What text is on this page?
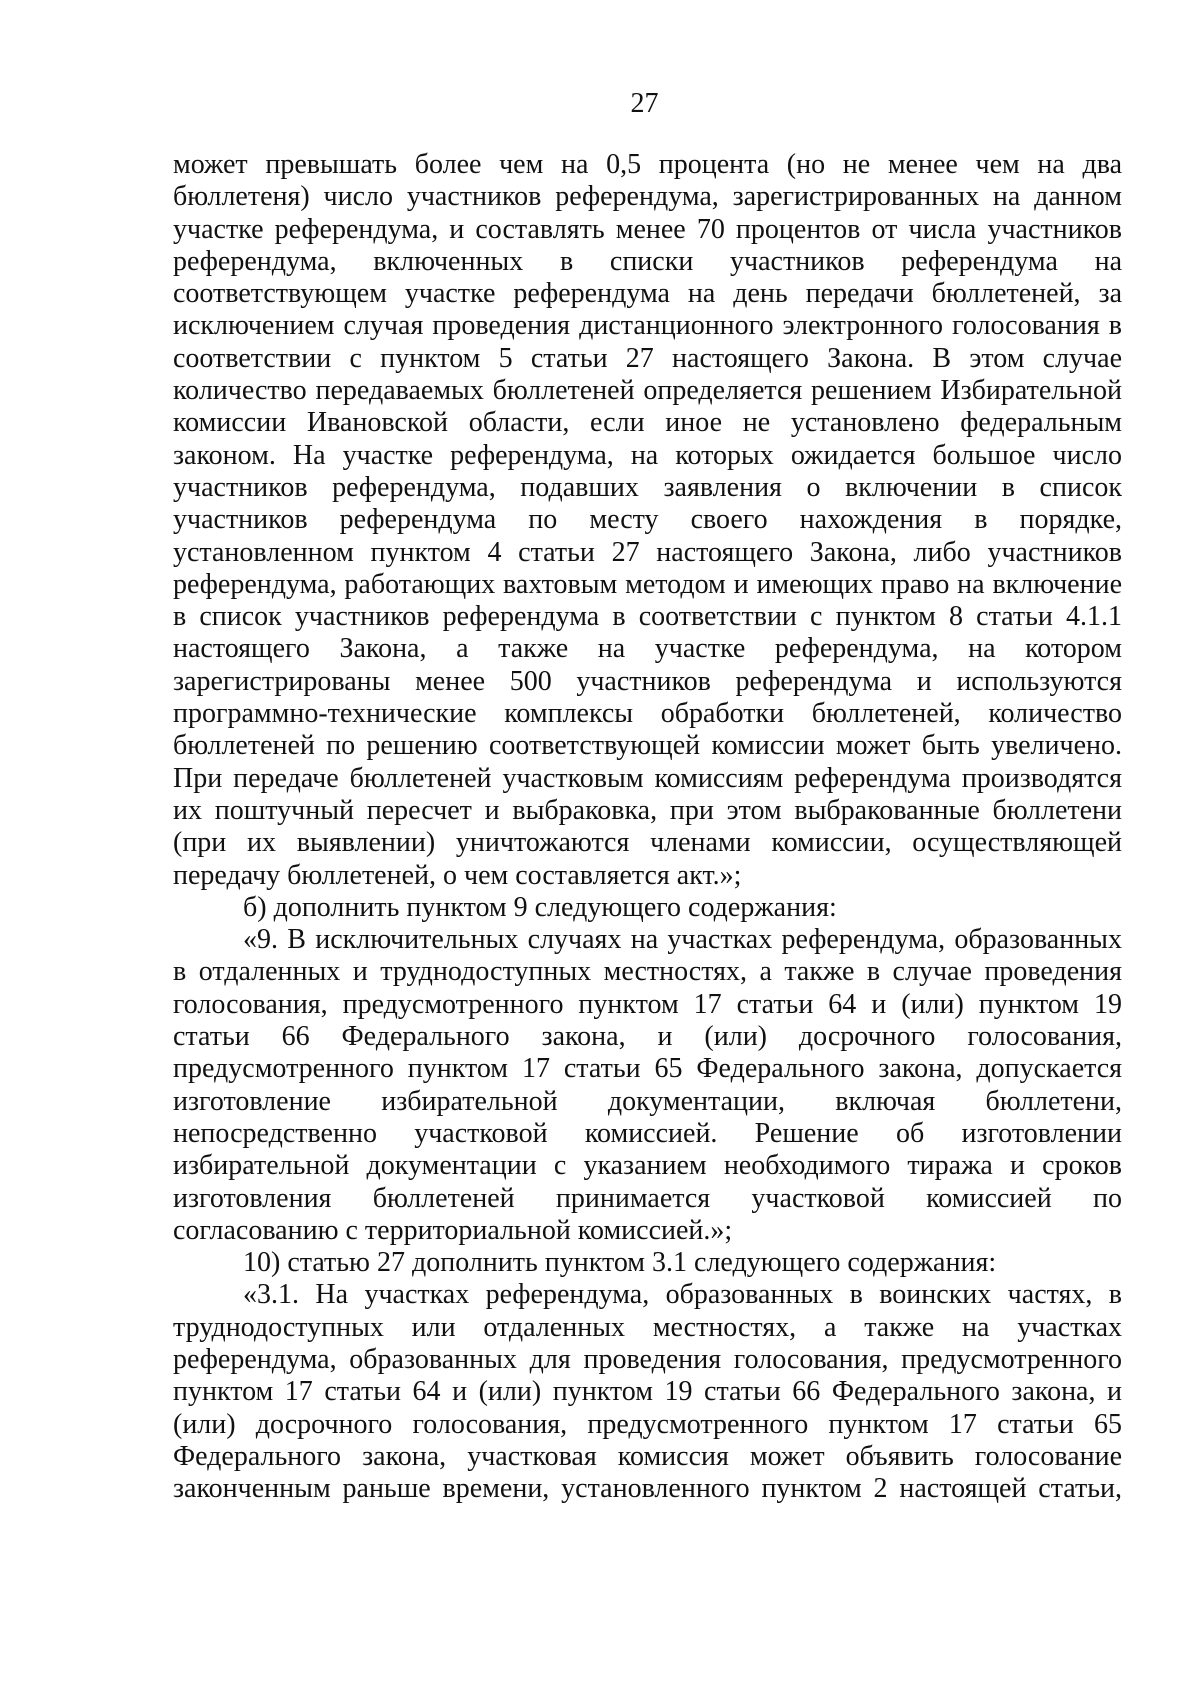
27

может превышать более чем на 0,5 процента (но не менее чем на два бюллетеня) число участников референдума, зарегистрированных на данном участке референдума, и составлять менее 70 процентов от числа участников референдума, включенных в списки участников референдума на соответствующем участке референдума на день передачи бюллетеней, за исключением случая проведения дистанционного электронного голосования в соответствии с пунктом 5 статьи 27 настоящего Закона. В этом случае количество передаваемых бюллетеней определяется решением Избирательной комиссии Ивановской области, если иное не установлено федеральным законом. На участке референдума, на которых ожидается большое число участников референдума, подавших заявления о включении в список участников референдума по месту своего нахождения в порядке, установленном пунктом 4 статьи 27 настоящего Закона, либо участников референдума, работающих вахтовым методом и имеющих право на включение в список участников референдума в соответствии с пунктом 8 статьи 4.1.1 настоящего Закона, а также на участке референдума, на котором зарегистрированы менее 500 участников референдума и используются программно-технические комплексы обработки бюллетеней, количество бюллетеней по решению соответствующей комиссии может быть увеличено. При передаче бюллетеней участковым комиссиям референдума производятся их поштучный пересчет и выбраковка, при этом выбракованные бюллетени (при их выявлении) уничтожаются членами комиссии, осуществляющей передачу бюллетеней, о чем составляется акт.»;

б) дополнить пунктом 9 следующего содержания:

«9. В исключительных случаях на участках референдума, образованных в отдаленных и труднодоступных местностях, а также в случае проведения голосования, предусмотренного пунктом 17 статьи 64 и (или) пунктом 19 статьи 66 Федерального закона, и (или) досрочного голосования, предусмотренного пунктом 17 статьи 65 Федерального закона, допускается изготовление избирательной документации, включая бюллетени, непосредственно участковой комиссией. Решение об изготовлении избирательной документации с указанием необходимого тиража и сроков изготовления бюллетеней принимается участковой комиссией по согласованию с территориальной комиссией.»;

10) статью 27 дополнить пунктом 3.1 следующего содержания:

«3.1. На участках референдума, образованных в воинских частях, в труднодоступных или отдаленных местностях, а также на участках референдума, образованных для проведения голосования, предусмотренного пунктом 17 статьи 64 и (или) пунктом 19 статьи 66 Федерального закона, и (или) досрочного голосования, предусмотренного пунктом 17 статьи 65 Федерального закона, участковая комиссия может объявить голосование законченным раньше времени, установленного пунктом 2 настоящей статьи,
